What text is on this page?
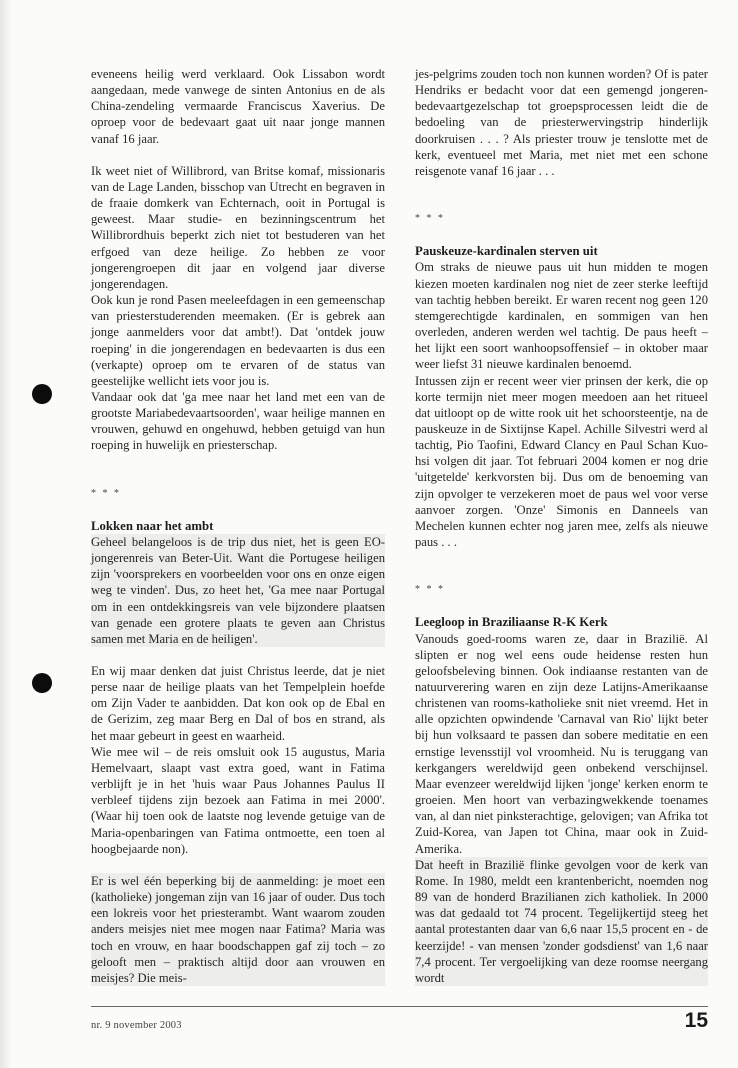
eveneens heilig werd verklaard. Ook Lissabon wordt aangedaan, mede vanwege de sinten Antonius en de als China-zendeling vermaarde Franciscus Xaverius. De oproep voor de bedevaart gaat uit naar jonge mannen vanaf 16 jaar.

Ik weet niet of Willibrord, van Britse komaf, missionaris van de Lage Landen, bisschop van Utrecht en begraven in de fraaie domkerk van Echternach, ooit in Portugal is geweest. Maar studie- en bezinningscentrum het Willibrordhuis beperkt zich niet tot bestuderen van het erfgoed van deze heilige. Zo hebben ze voor jongerengroepen dit jaar en volgend jaar diverse jongerendagen.

Ook kun je rond Pasen meeleefdagen in een gemeenschap van priesterstuderenden meemaken. (Er is gebrek aan jonge aanmelders voor dat ambt!). Dat 'ontdek jouw roeping' in die jongerendagen en bedevaarten is dus een (verkapte) oproep om te ervaren of de status van geestelijke wellicht iets voor jou is.

Vandaar ook dat 'ga mee naar het land met een van de grootste Mariabedevaartsoorden', waar heilige mannen en vrouwen, gehuwd en ongehuwd, hebben getuigd van hun roeping in huwelijk en priesterschap.

* * *

Lokken naar het ambt

Geheel belangeloos is de trip dus niet, het is geen EO-jongerenreis van Beter-Uit. Want die Portugese heiligen zijn 'voorsprekers en voorbeelden voor ons en onze eigen weg te vinden'. Dus, zo heet het, 'Ga mee naar Portugal om in een ontdekkingsreis van vele bijzondere plaatsen van genade een grotere plaats te geven aan Christus samen met Maria en de heiligen'.

En wij maar denken dat juist Christus leerde, dat je niet perse naar de heilige plaats van het Tempelplein hoefde om Zijn Vader te aanbidden. Dat kon ook op de Ebal en de Gerizim, zeg maar Berg en Dal of bos en strand, als het maar gebeurt in geest en waarheid.

Wie mee wil – de reis omsluit ook 15 augustus, Maria Hemelvaart, slaapt vast extra goed, want in Fatima verblijft je in het 'huis waar Paus Johannes Paulus II verbleef tijdens zijn bezoek aan Fatima in mei 2000'. (Waar hij toen ook de laatste nog levende getuige van de Maria-openbaringen van Fatima ontmoette, een toen al hoogbejaarde non).

Er is wel één beperking bij de aanmelding: je moet een (katholieke) jongeman zijn van 16 jaar of ouder. Dus toch een lokreis voor het priesterambt. Want waarom zouden anders meisjes niet mee mogen naar Fatima? Maria was toch en vrouw, en haar boodschappen gaf zij toch – zo gelooft men – praktisch altijd door aan vrouwen en meisjes? Die meis-

jes-pelgrims zouden toch non kunnen worden? Of is pater Hendriks er bedacht voor dat een gemengd jongeren-bedevaartgezelschap tot groepsprocessen leidt die de bedoeling van de priesterwervingstrip hinderlijk doorkruisen . . . ? Als priester trouw je tenslotte met de kerk, eventueel met Maria, met niet met een schone reisgenote vanaf 16 jaar . . .

* * *

Pauskeuze-kardinalen sterven uit

Om straks de nieuwe paus uit hun midden te mogen kiezen moeten kardinalen nog niet de zeer sterke leeftijd van tachtig hebben bereikt. Er waren recent nog geen 120 stemgerechtigde kardinalen, en sommigen van hen overleden, anderen werden wel tachtig. De paus heeft – het lijkt een soort wanhoopsoffensief – in oktober maar weer liefst 31 nieuwe kardinalen benoemd.

Intussen zijn er recent weer vier prinsen der kerk, die op korte termijn niet meer mogen meedoen aan het ritueel dat uitloopt op de witte rook uit het schoorsteentje, na de pauskeuze in de Sixtijnse Kapel. Achille Silvestri werd al tachtig, Pio Taofini, Edward Clancy en Paul Schan Kuo-hsi volgen dit jaar. Tot februari 2004 komen er nog drie 'uitgetelde' kerkvorsten bij. Dus om de benoeming van zijn opvolger te verzekeren moet de paus wel voor verse aanvoer zorgen. 'Onze' Simonis en Danneels van Mechelen kunnen echter nog jaren mee, zelfs als nieuwe paus . . .

* * *

Leegloop in Braziliaanse R-K Kerk

Vanouds goed-rooms waren ze, daar in Brazilië. Al slipten er nog wel eens oude heidense resten hun geloofsbeleving binnen. Ook indiaanse restanten van de natuurverering waren en zijn deze Latijns-Amerikaanse christenen van rooms-katholieke snit niet vreemd. Het in alle opzichten opwindende 'Carnaval van Rio' lijkt beter bij hun volksaard te passen dan sobere meditatie en een ernstige levensstijl vol vroomheid. Nu is teruggang van kerkgangers wereldwijd geen onbekend verschijnsel. Maar evenzeer wereldwijd lijken 'jonge' kerken enorm te groeien. Men hoort van verbazingwekkende toenames van, al dan niet pinksterachtige, gelovigen; van Afrika tot Zuid-Korea, van Japen tot China, maar ook in Zuid-Amerika.

Dat heeft in Brazilië flinke gevolgen voor de kerk van Rome. In 1980, meldt een krantenbericht, noemden nog 89 van de honderd Brazilianen zich katholiek. In 2000 was dat gedaald tot 74 procent. Tegelijkertijd steeg het aantal protestanten daar van 6,6 naar 15,5 procent en - de keerzijde! - van mensen 'zonder godsdienst' van 1,6 naar 7,4 procent. Ter vergoelijking van deze roomse neergang wordt

nr. 9 november 2003	15
